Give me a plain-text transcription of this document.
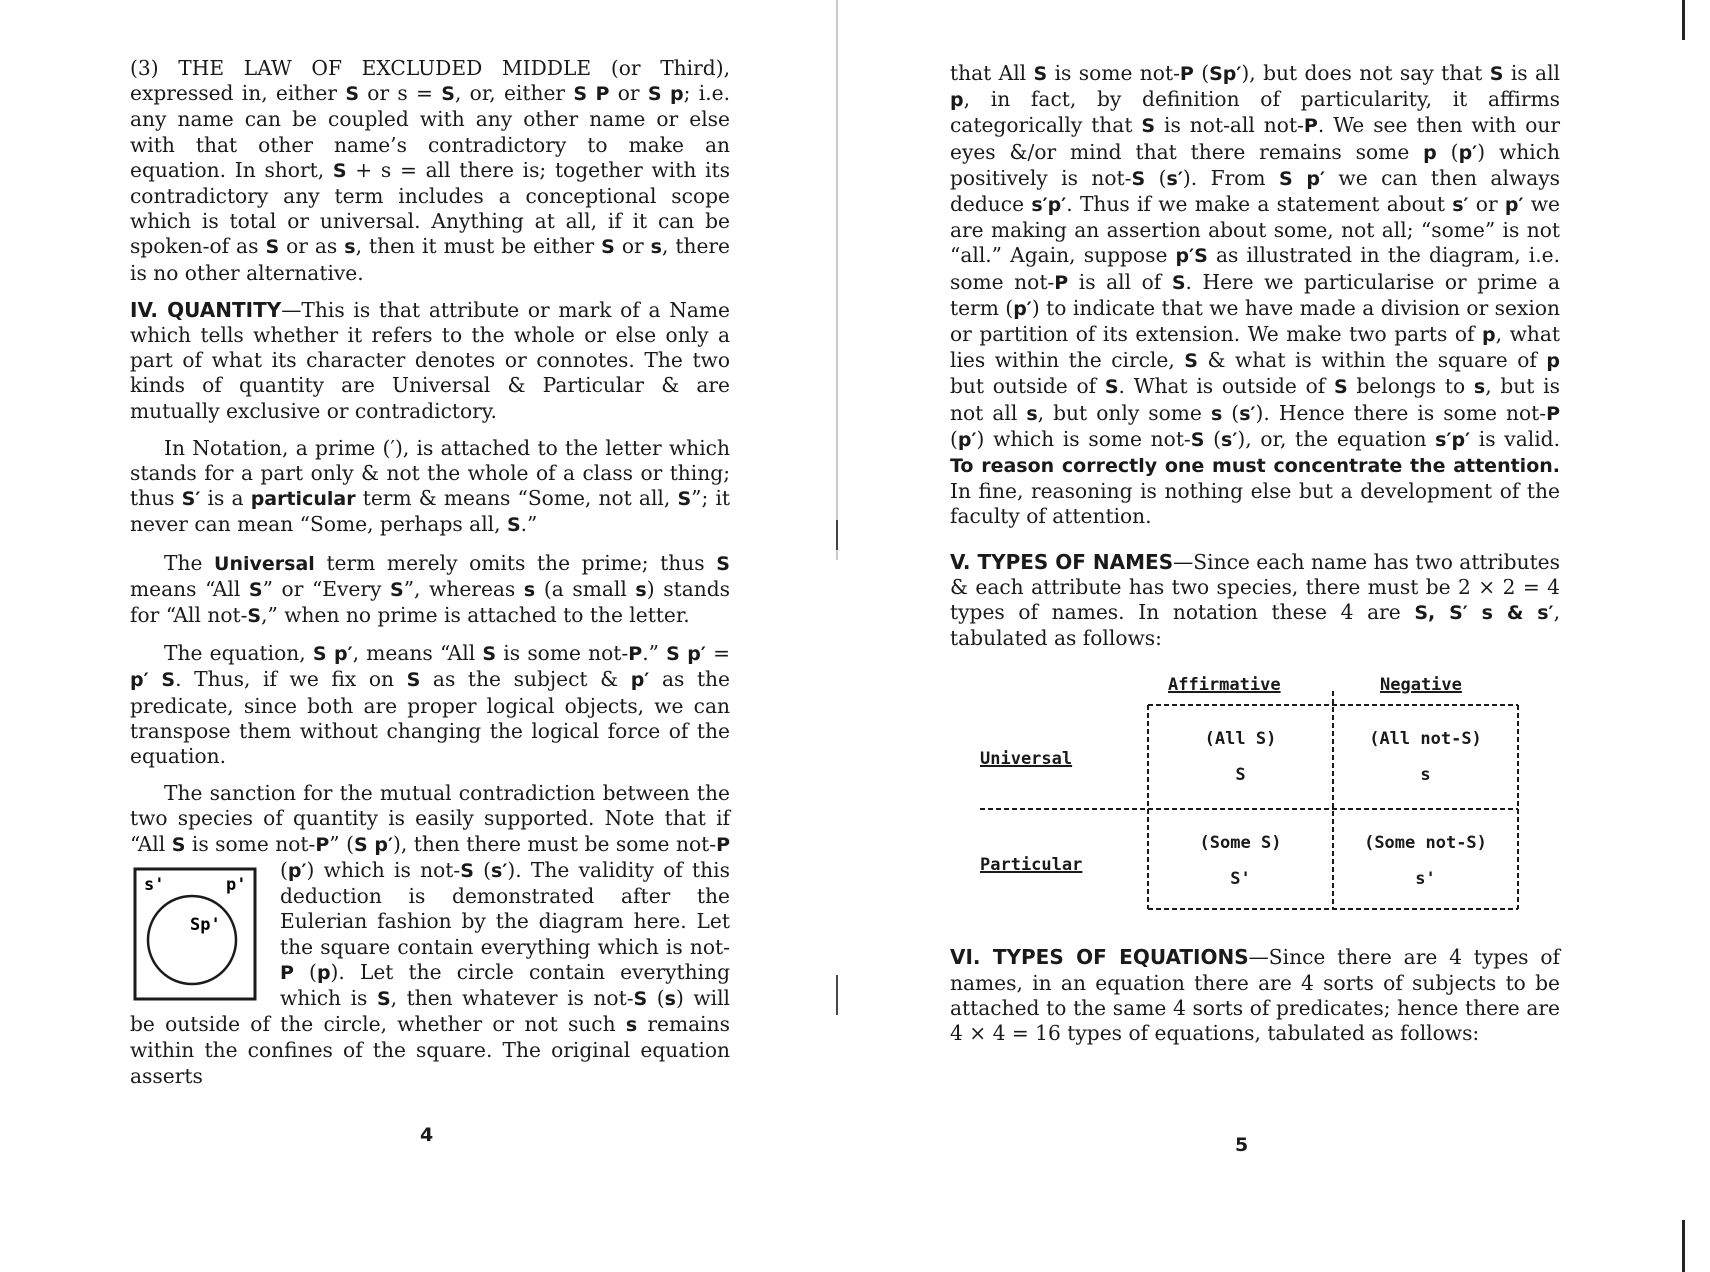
(3) THE LAW OF EXCLUDED MIDDLE (or Third), expressed in, either S or s = S, or, either S P or S p; i.e. any name can be coupled with any other name or else with that other name’s contradictory to make an equation. In short, S + s = all there is; together with its contradictory any term includes a conceptional scope which is total or universal. Anything at all, if it can be spoken-of as S or as s, then it must be either S or s, there is no other alternative.

IV. QUANTITY—This is that attribute or mark of a Name which tells whether it refers to the whole or else only a part of what its character denotes or connotes. The two kinds of quantity are Universal & Particular & are mutually exclusive or contradictory.

In Notation, a prime (′), is attached to the letter which stands for a part only & not the whole of a class or thing; thus S′ is a particular term & means “Some, not all, S”; it never can mean “Some, perhaps all, S.”

The Universal term merely omits the prime; thus S means “All S” or “Every S”, whereas s (a small s) stands for “All not-S,” when no prime is attached to the letter.

The equation, S p′, means “All S is some not-P.” S p′ = p′ S. Thus, if we fix on S as the subject & p′ as the predicate, since both are proper logical objects, we can transpose them without changing the logical force of the equation.

The sanction for the mutual contradiction between the two species of quantity is easily supported. Note that if “All S is some not-P” (S p′), then there must be some not-P (p′) which is not-
s'	p'
Sp'
S (s′). The validity of this deduction is demonstrated after the Eulerian fashion by the diagram here. Let the square contain everything which is not-P (p). Let the circle contain everything which is S, then whatever is not-S (s) will be outside of the circle, whether or not such s remains within the confines of the square. The original equation asserts

4

that All S is some not-P (Sp′), but does not say that S is all p, in fact, by definition of particularity, it affirms categorically that S is not-all not-P. We see then with our eyes &/or mind that there remains some p (p′) which positively is not-S (s′). From S p′ we can then always deduce s′p′. Thus if we make a statement about s′ or p′ we are making an assertion about some, not all; “some” is not “all.” Again, suppose p′S as illustrated in the diagram, i.e. some not-P is all of S. Here we particularise or prime a term (p′) to indicate that we have made a division or sexion or partition of its extension. We make two parts of p, what lies within the circle, S & what is within the square of p but outside of S. What is outside of S belongs to s, but is not all s, but only some s (s′). Hence there is some not-P (p′) which is some not-S (s′), or, the equation s′p′ is valid. To reason correctly one must concentrate the attention. In fine, reasoning is nothing else but a development of the faculty of attention.

V. TYPES OF NAMES—Since each name has two attributes & each attribute has two species, there must be 2 × 2 = 4 types of names. In notation these 4 are S, S′ s & s′, tabulated as follows:

Affirmative	Negative
Universal
Particular
(All S)
S
(All not-S)
s
(Some S)
S'
(Some not-S)
s'

VI. TYPES OF EQUATIONS—Since there are 4 types of names, in an equation there are 4 sorts of subjects to be attached to the same 4 sorts of predicates; hence there are 4 × 4 = 16 types of equations, tabulated as follows:

5
